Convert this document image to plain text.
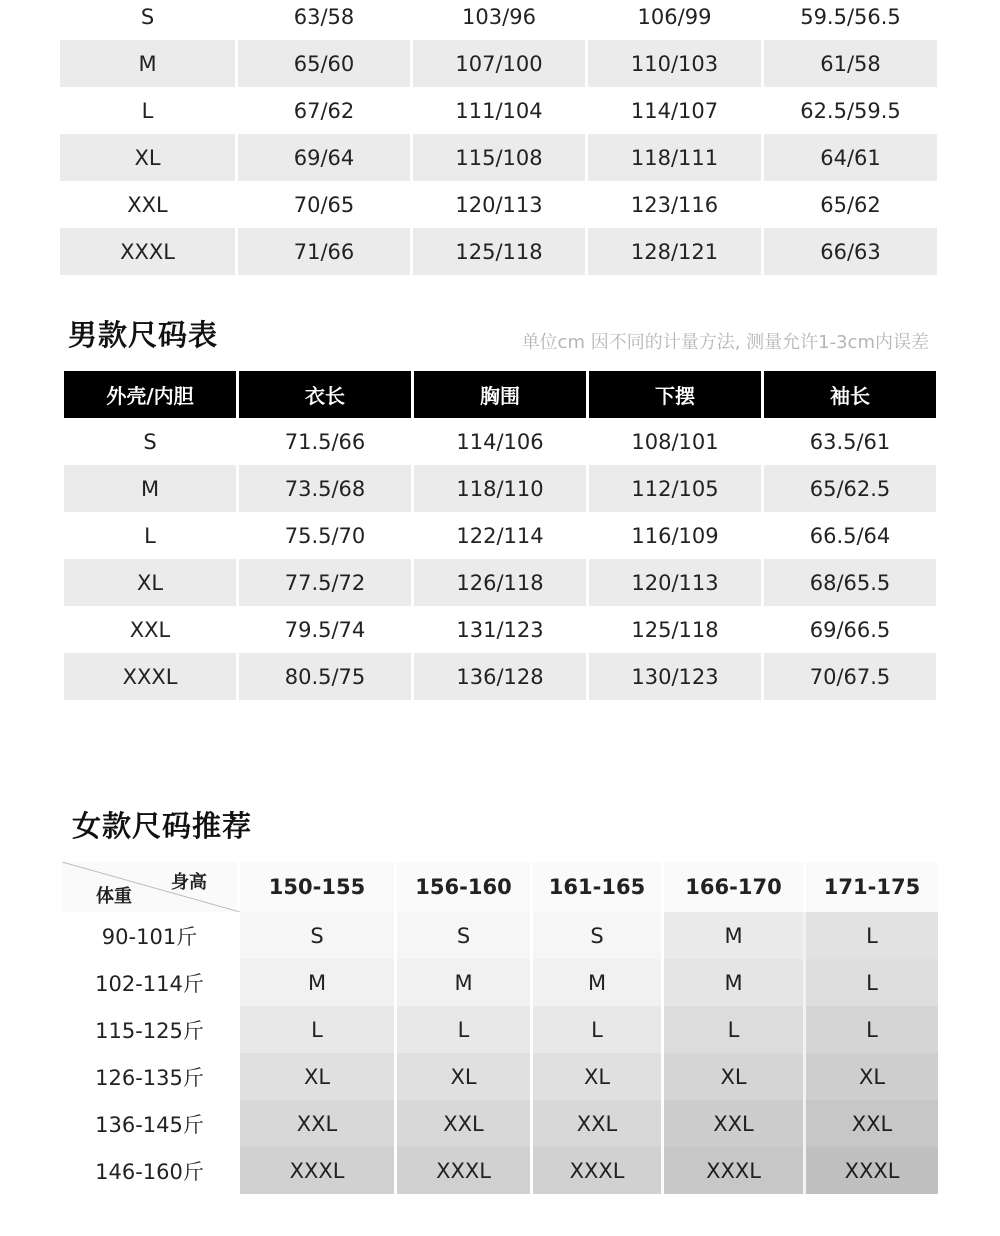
S	63/58	103/96	106/99	59.5/56.5
M	65/60	107/100	110/103	61/58
L	67/62	111/104	114/107	62.5/59.5
XL	69/64	115/108	118/111	64/61
XXL	70/65	120/113	123/116	65/62
XXXL	71/66	125/118	128/121	66/63
男款尺码表	单位cm 因不同的计量方法, 测量允许1-3cm内误差
外壳/内胆	衣长	胸围	下摆	袖长
S	71.5/66	114/106	108/101	63.5/61
M	73.5/68	118/110	112/105	65/62.5
L	75.5/70	122/114	116/109	66.5/64
XL	77.5/72	126/118	120/113	68/65.5
XXL	79.5/74	131/123	125/118	69/66.5
XXXL	80.5/75	136/128	130/123	70/67.5
女款尺码推荐
身高
体重	150-155	156-160	161-165	166-170	171-175
90-101斤	S	S	S	M	L
102-114斤	M	M	M	M	L
115-125斤	L	L	L	L	L
126-135斤	XL	XL	XL	XL	XL
136-145斤	XXL	XXL	XXL	XXL	XXL
146-160斤	XXXL	XXXL	XXXL	XXXL	XXXL
